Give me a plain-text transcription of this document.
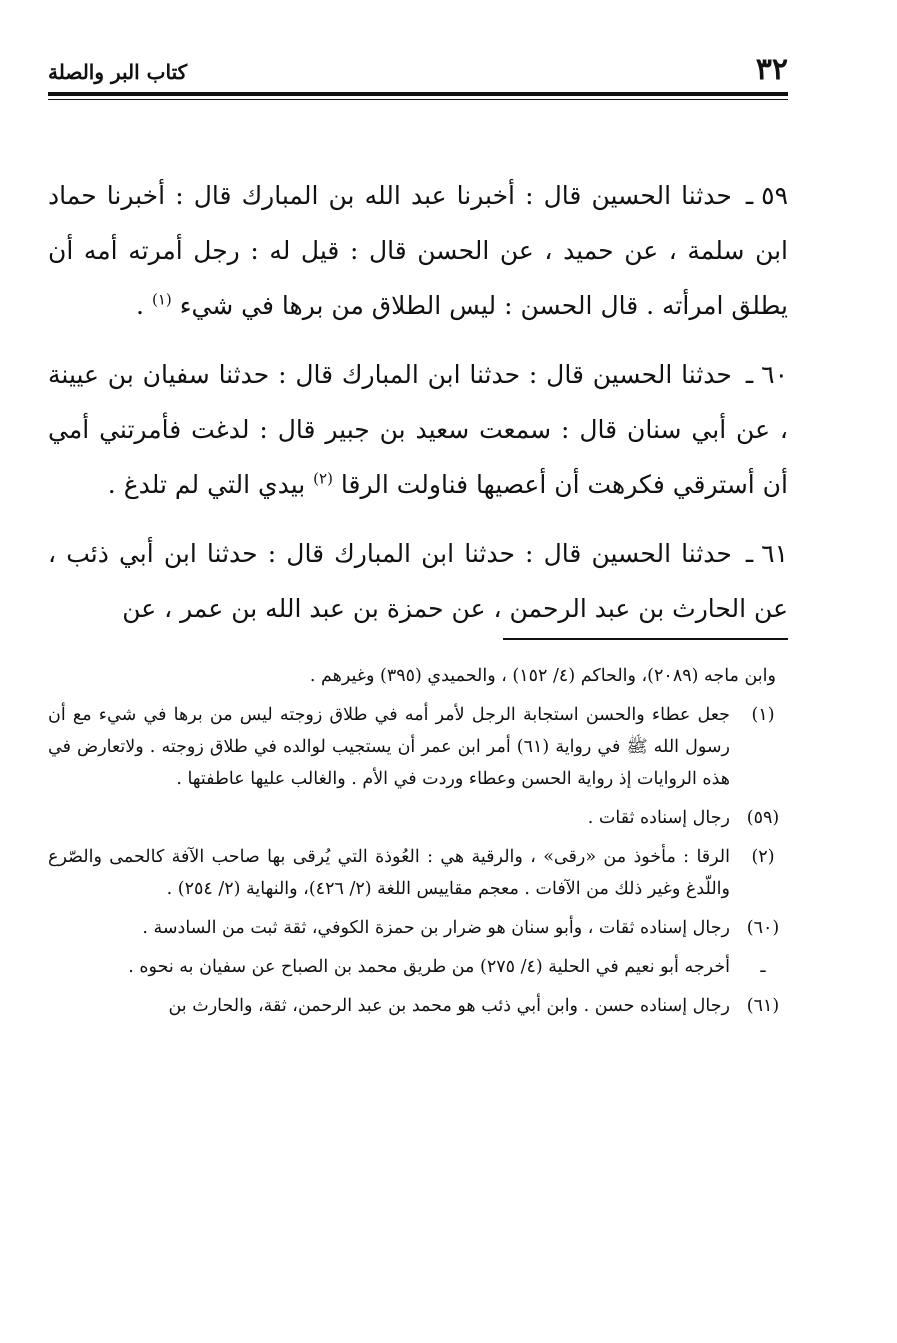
٣٢
كتاب البر والصلة

٥٩ ـحدثنا الحسين قال : أخبرنا عبد الله بن المبارك قال : أخبرنا حماد ابن سلمة ، عن حميد ، عن الحسن قال : قيل له : رجل أمرته أمه أن يطلق امرأته . قال الحسن : ليس الطلاق من برها في شيء $^{(١)}$ .

٦٠ ـحدثنا الحسين قال : حدثنا ابن المبارك قال : حدثنا سفيان بن عيينة ، عن أبي سنان قال : سمعت سعيد بن جبير قال : لدغت فأمرتني أمي أن أسترقي فكرهت أن أعصيها فناولت الرقا $^{(٢)}$ بيدي التي لم تلدغ .

٦١ ـحدثنا الحسين قال : حدثنا ابن المبارك قال : حدثنا ابن أبي ذئب ، عن الحارث بن عبد الرحمن ، عن حمزة بن عبد الله بن عمر ، عن

وابن ماجه (٢٠٨٩)، والحاكم (٤/ ١٥٢) ، والحميدي (٣٩٥) وغيرهم .
(١)
جعل عطاء والحسن استجابة الرجل لأمر أمه في طلاق زوجته ليس من برها في شيء مع أن رسول الله ﷺ في رواية (٦١) أمر ابن عمر أن يستجيب لوالده في طلاق زوجته . ولاتعارض في هذه الروايات إذ رواية الحسن وعطاء وردت في الأم . والغالب عليها عاطفتها .
(٥٩)
رجال إسناده ثقات .
(٢)
الرقا : مأخوذ من «رقى» ، والرقية هي : العُوذة التي يُرقى بها صاحب الآفة كالحمى والصّرع واللّدغ وغير ذلك من الآفات . معجم مقاييس اللغة (٢/ ٤٢٦)، والنهاية (٢/ ٢٥٤) .
(٦٠)
رجال إسناده ثقات ، وأبو سنان هو ضرار بن حمزة الكوفي، ثقة ثبت من السادسة .
ـ
أخرجه أبو نعيم في الحلية (٤/ ٢٧٥) من طريق محمد بن الصباح عن سفيان به نحوه .
(٦١)
رجال إسناده حسن . وابن أبي ذئب هو محمد بن عبد الرحمن، ثقة، والحارث بن
